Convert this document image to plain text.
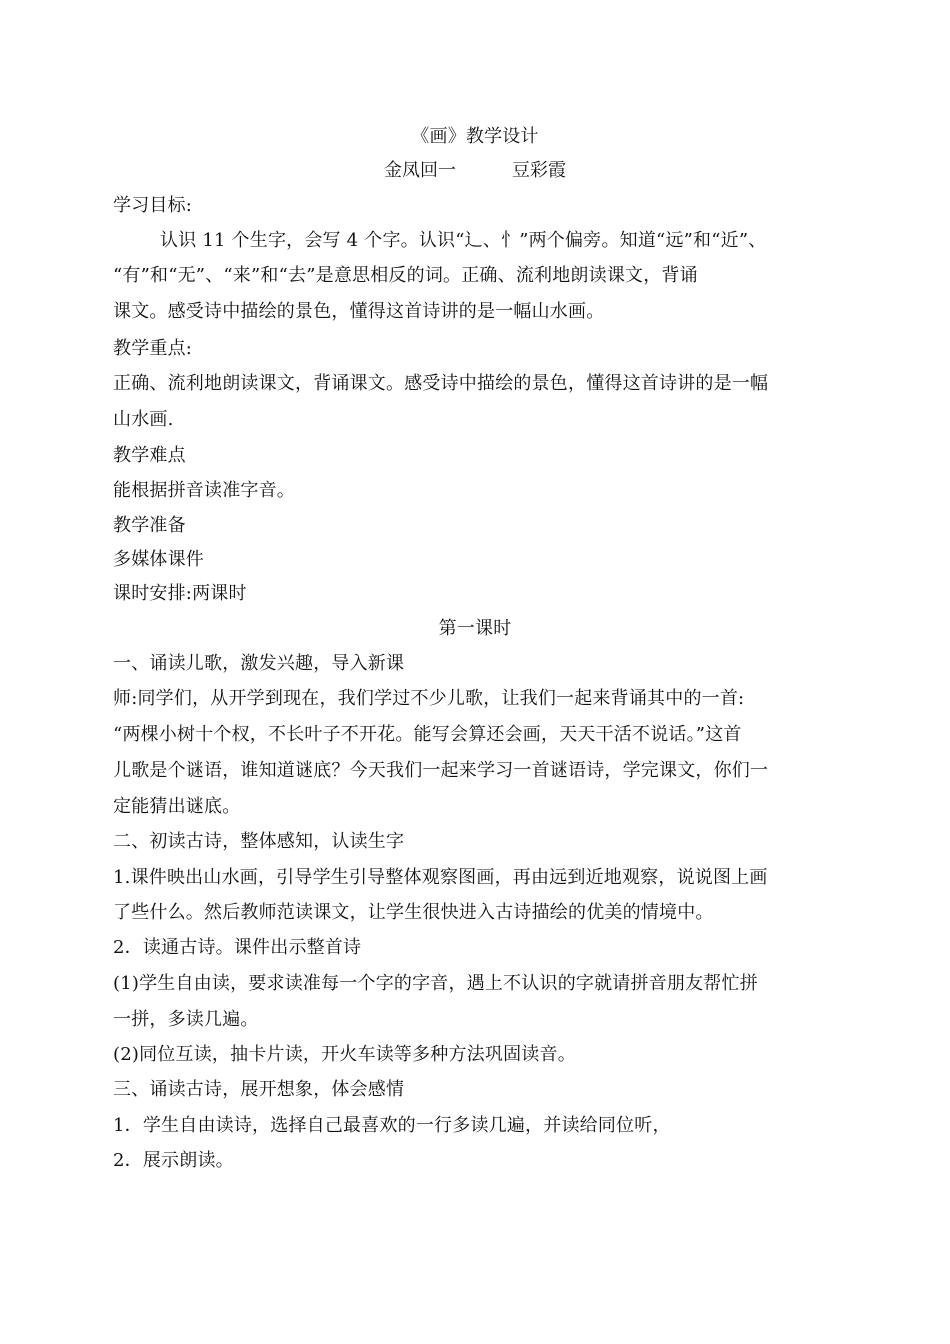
《画》教学设计
金凤回一	豆彩霞
学习目标:
认识 11 个生字，会写 4 个字。认识“辶、忄”两个偏旁。知道“远”和“近”、
“有”和“无”、“来”和“去”是意思相反的词。正确、流利地朗读课文，背诵
课文。感受诗中描绘的景色，懂得这首诗讲的是一幅山水画。
教学重点:
正确、流利地朗读课文，背诵课文。感受诗中描绘的景色，懂得这首诗讲的是一幅
山水画.
教学难点
能根据拼音读准字音。
教学准备
多媒体课件
课时安排:两课时
第一课时
一、诵读儿歌，激发兴趣，导入新课
师:同学们，从开学到现在，我们学过不少儿歌，让我们一起来背诵其中的一首:
“两棵小树十个杈，不长叶子不开花。能写会算还会画，天天干活不说话。”这首
儿歌是个谜语，谁知道谜底？今天我们一起来学习一首谜语诗，学完课文，你们一
定能猜出谜底。
二、初读古诗，整体感知，认读生字
1.课件映出山水画，引导学生引导整体观察图画，再由远到近地观察，说说图上画
了些什么。然后教师范读课文，让学生很快进入古诗描绘的优美的情境中。
2．读通古诗。课件出示整首诗
(1)学生自由读，要求读准每一个字的字音，遇上不认识的字就请拼音朋友帮忙拼
一拼，多读几遍。
(2)同位互读，抽卡片读，开火车读等多种方法巩固读音。
三、诵读古诗，展开想象，体会感情
1．学生自由读诗，选择自己最喜欢的一行多读几遍，并读给同位听，
2．展示朗读。
